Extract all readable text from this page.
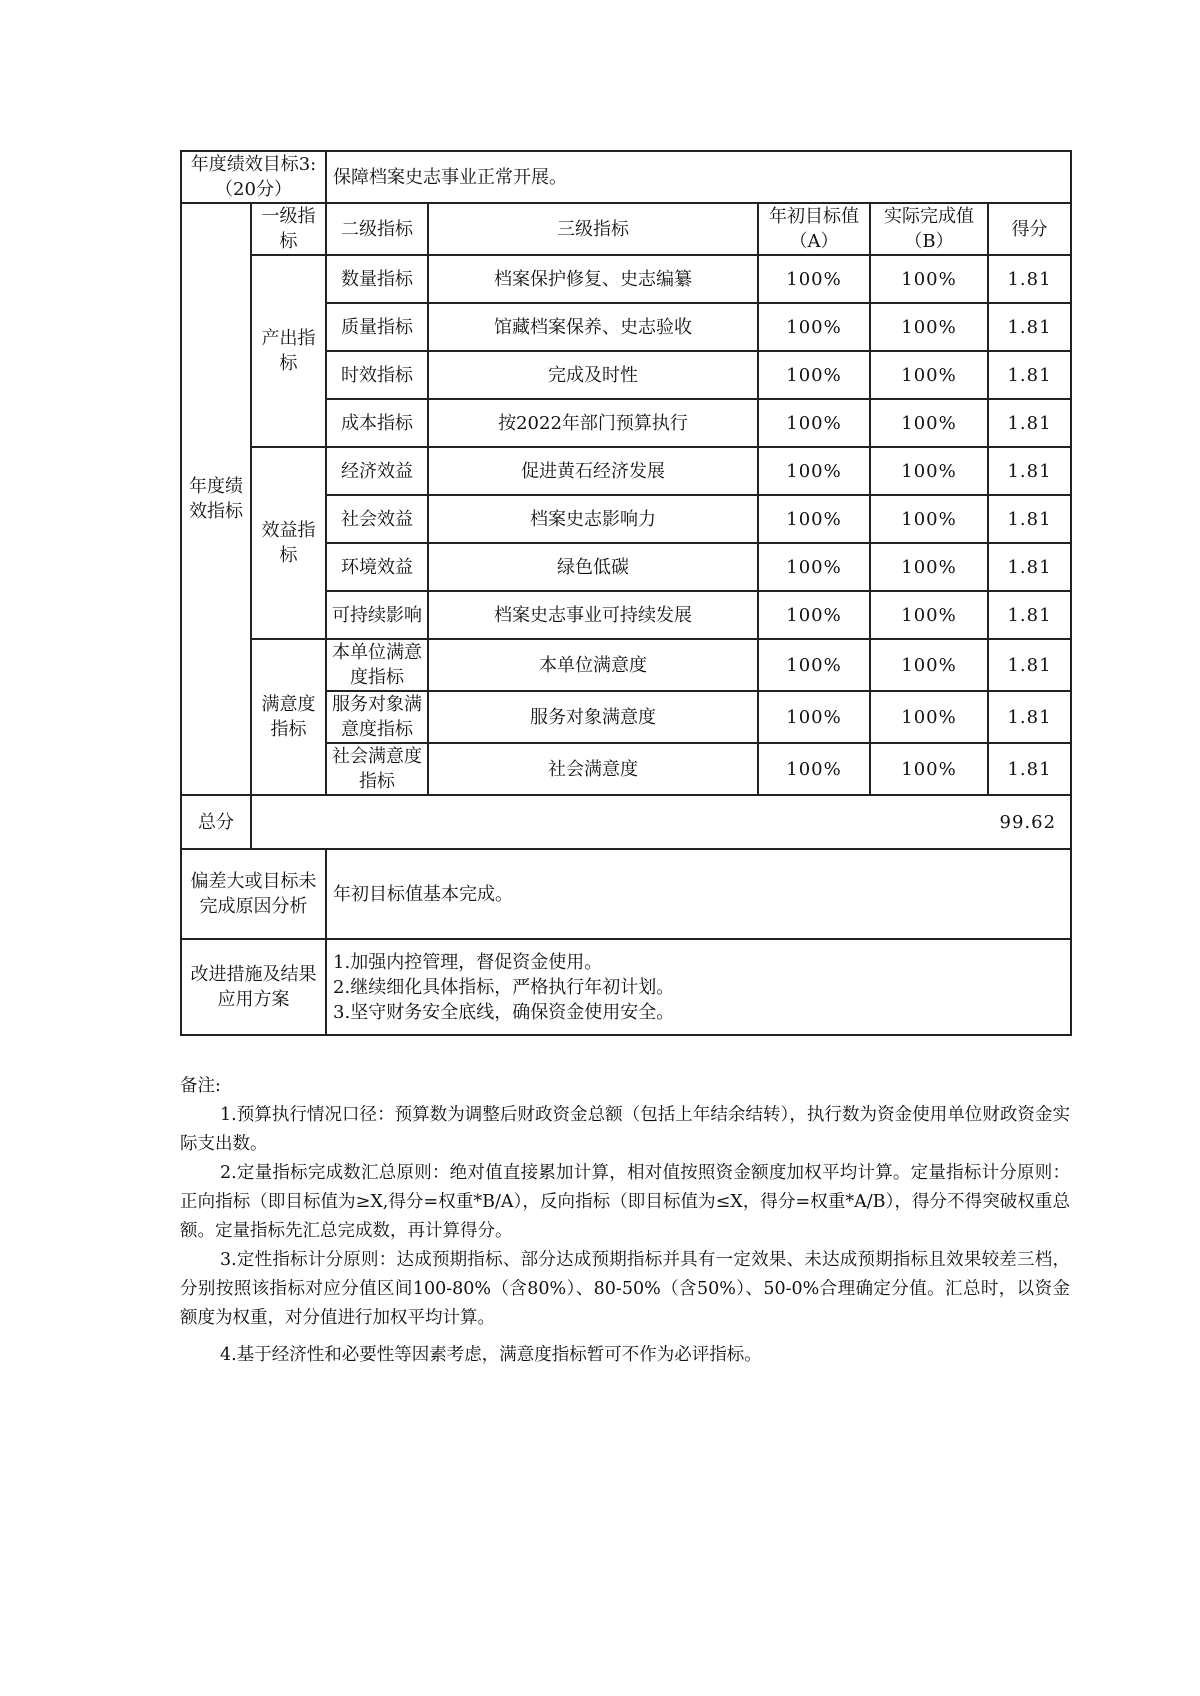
年度绩效目标3:（20分）		保障档案史志事业正常开展。				
年度绩效指标	一级指标	二级指标	三级指标	年初目标值（A）	实际完成值（B）	得分
	产出指标	数量指标	档案保护修复、史志编纂	100%	100%	1.81
		质量指标	馆藏档案保养、史志验收	100%	100%	1.81
		时效指标	完成及时性	100%	100%	1.81
		成本指标	按2022年部门预算执行	100%	100%	1.81
	效益指标	经济效益	促进黄石经济发展	100%	100%	1.81
		社会效益	档案史志影响力	100%	100%	1.81
		环境效益	绿色低碳	100%	100%	1.81
		可持续影响	档案史志事业可持续发展	100%	100%	1.81
	满意度指标	本单位满意度指标	本单位满意度	100%	100%	1.81
		服务对象满意度指标	服务对象满意度	100%	100%	1.81
		社会满意度指标	社会满意度	100%	100%	1.81
总分	99.62					
偏差大或目标未完成原因分析		年初目标值基本完成。				
改进措施及结果应用方案		1.加强内控管理，督促资金使用。
2.继续细化具体指标，严格执行年初计划。
3.坚守财务安全底线，确保资金使用安全。				

备注:

1.预算执行情况口径：预算数为调整后财政资金总额（包括上年结余结转），执行数为资金使用单位财政资金实际支出数。

2.定量指标完成数汇总原则：绝对值直接累加计算，相对值按照资金额度加权平均计算。定量指标计分原则：正向指标（即目标值为≥X,得分=权重*B/A），反向指标（即目标值为≤X，得分=权重*A/B），得分不得突破权重总额。定量指标先汇总完成数，再计算得分。

3.定性指标计分原则：达成预期指标、部分达成预期指标并具有一定效果、未达成预期指标且效果较差三档，分别按照该指标对应分值区间100-80%（含80%）、80-50%（含50%）、50-0%合理确定分值。汇总时，以资金额度为权重，对分值进行加权平均计算。

4.基于经济性和必要性等因素考虑，满意度指标暂可不作为必评指标。
